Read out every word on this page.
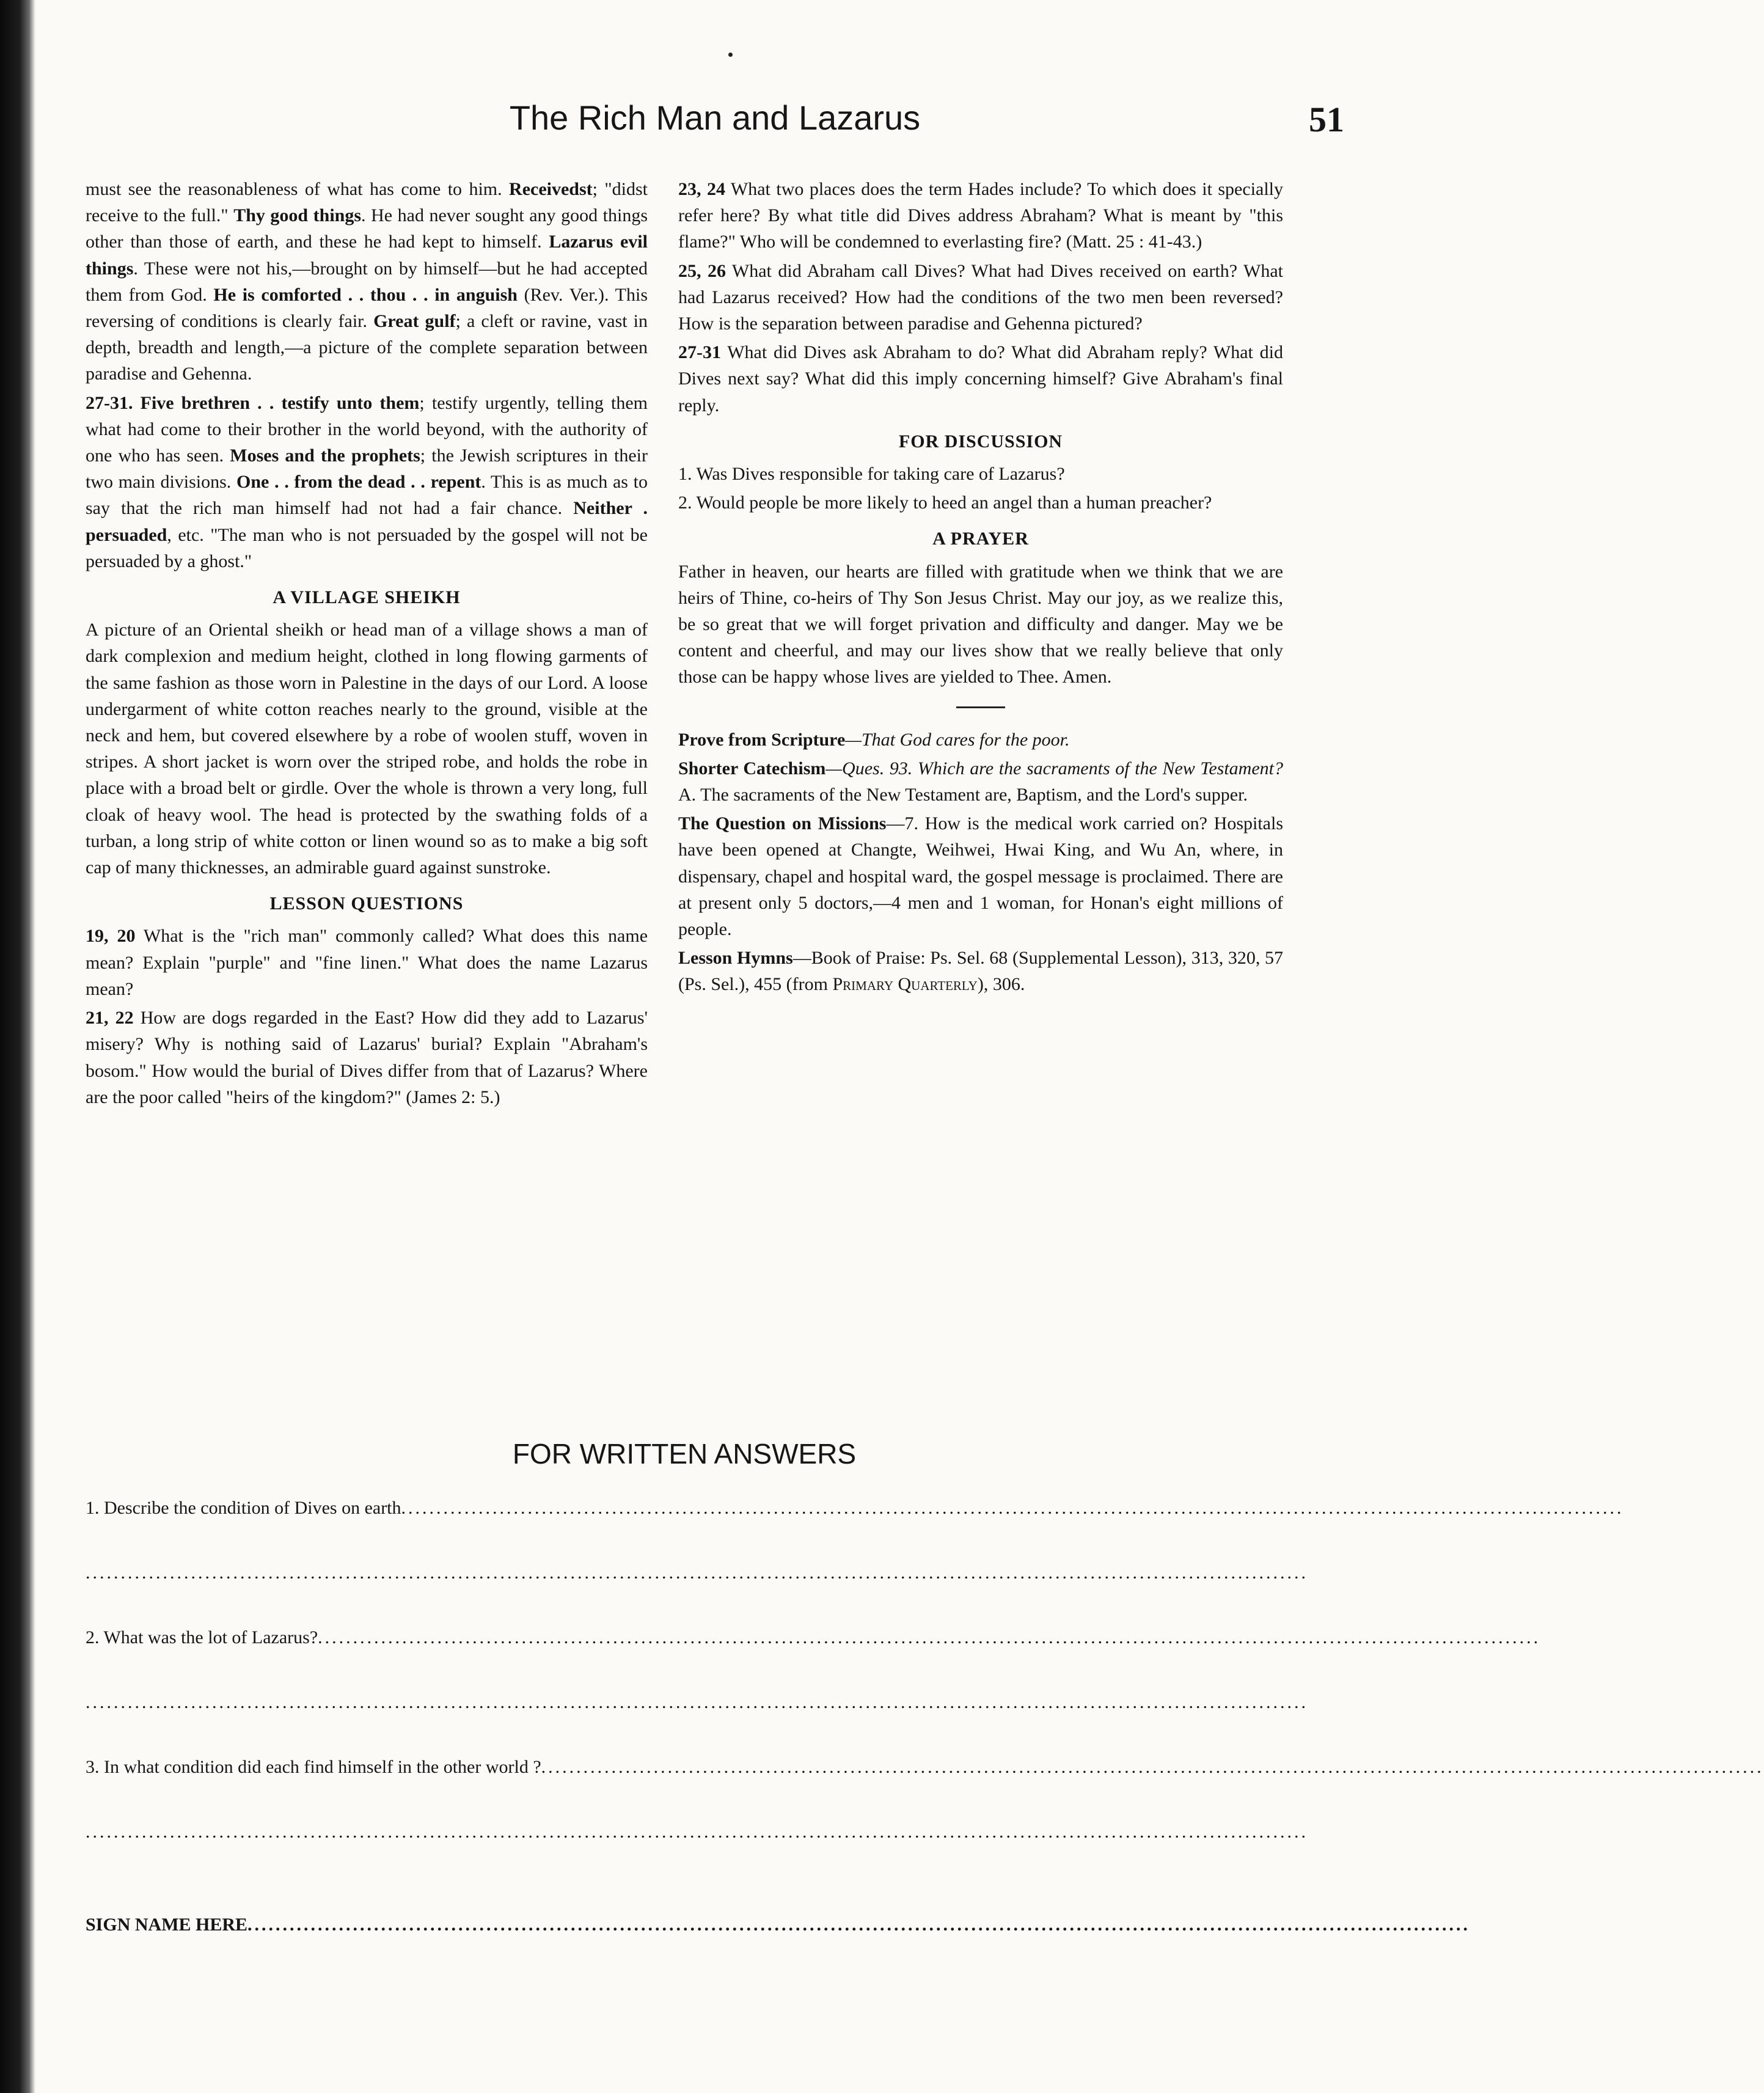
The Rich Man and Lazarus	51

must see the reasonableness of what has come to him. Receivedst; "didst receive to the full." Thy good things. He had never sought any good things other than those of earth, and these he had kept to himself. Lazarus evil things. These were not his,—brought on by himself—but he had accepted them from God. He is comforted . . thou . . in anguish (Rev. Ver.). This reversing of conditions is clearly fair. Great gulf; a cleft or ravine, vast in depth, breadth and length,—a picture of the complete separation between paradise and Gehenna.

27-31. Five brethren . . testify unto them; testify urgently, telling them what had come to their brother in the world beyond, with the authority of one who has seen. Moses and the prophets; the Jewish scriptures in their two main divisions. One . . from the dead . . repent. This is as much as to say that the rich man himself had not had a fair chance. Neither . persuaded, etc. "The man who is not persuaded by the gospel will not be persuaded by a ghost."

A VILLAGE SHEIKH

A picture of an Oriental sheikh or head man of a village shows a man of dark complexion and medium height, clothed in long flowing garments of the same fashion as those worn in Palestine in the days of our Lord. A loose undergarment of white cotton reaches nearly to the ground, visible at the neck and hem, but covered elsewhere by a robe of woolen stuff, woven in stripes. A short jacket is worn over the striped robe, and holds the robe in place with a broad belt or girdle. Over the whole is thrown a very long, full cloak of heavy wool. The head is protected by the swathing folds of a turban, a long strip of white cotton or linen wound so as to make a big soft cap of many thicknesses, an admirable guard against sunstroke.

LESSON QUESTIONS

19, 20 What is the "rich man" commonly called? What does this name mean? Explain "purple" and "fine linen." What does the name Lazarus mean?

21, 22 How are dogs regarded in the East? How did they add to Lazarus' misery? Why is nothing said of Lazarus' burial? Explain "Abraham's bosom." How would the burial of Dives differ from that of Lazarus? Where are the poor called "heirs of the kingdom?" (James 2: 5.)

23, 24 What two places does the term Hades include? To which does it specially refer here? By what title did Dives address Abraham? What is meant by "this flame?" Who will be condemned to everlasting fire? (Matt. 25 : 41-43.)

25, 26 What did Abraham call Dives? What had Dives received on earth? What had Lazarus received? How had the conditions of the two men been reversed? How is the separation between paradise and Gehenna pictured?

27-31 What did Dives ask Abraham to do? What did Abraham reply? What did Dives next say? What did this imply concerning himself? Give Abraham's final reply.

FOR DISCUSSION

1. Was Dives responsible for taking care of Lazarus?

2. Would people be more likely to heed an angel than a human preacher?

A PRAYER

Father in heaven, our hearts are filled with gratitude when we think that we are heirs of Thine, co-heirs of Thy Son Jesus Christ. May our joy, as we realize this, be so great that we will forget privation and difficulty and danger. May we be content and cheerful, and may our lives show that we really believe that only those can be happy whose lives are yielded to Thee. Amen.

Prove from Scripture—That God cares for the poor.

Shorter Catechism—Ques. 93. Which are the sacraments of the New Testament? A. The sacraments of the New Testament are, Baptism, and the Lord's supper.

The Question on Missions—7. How is the medical work carried on? Hospitals have been opened at Changte, Weihwei, Hwai King, and Wu An, where, in dispensary, chapel and hospital ward, the gospel message is proclaimed. There are at present only 5 doctors,—4 men and 1 woman, for Honan's eight millions of people.

Lesson Hymns—Book of Praise: Ps. Sel. 68 (Supplemental Lesson), 313, 320, 57 (Ps. Sel.), 455 (from Primary Quarterly), 306.

FOR WRITTEN ANSWERS
1. Describe the condition of Dives on earth..............................................................................................................................................................................
..............................................................................................................................................................................
2. What was the lot of Lazarus?..............................................................................................................................................................................
..............................................................................................................................................................................
3. In what condition did each find himself in the other world ?..............................................................................................................................................................................
..............................................................................................................................................................................
SIGN NAME HERE..............................................................................................................................................................................
